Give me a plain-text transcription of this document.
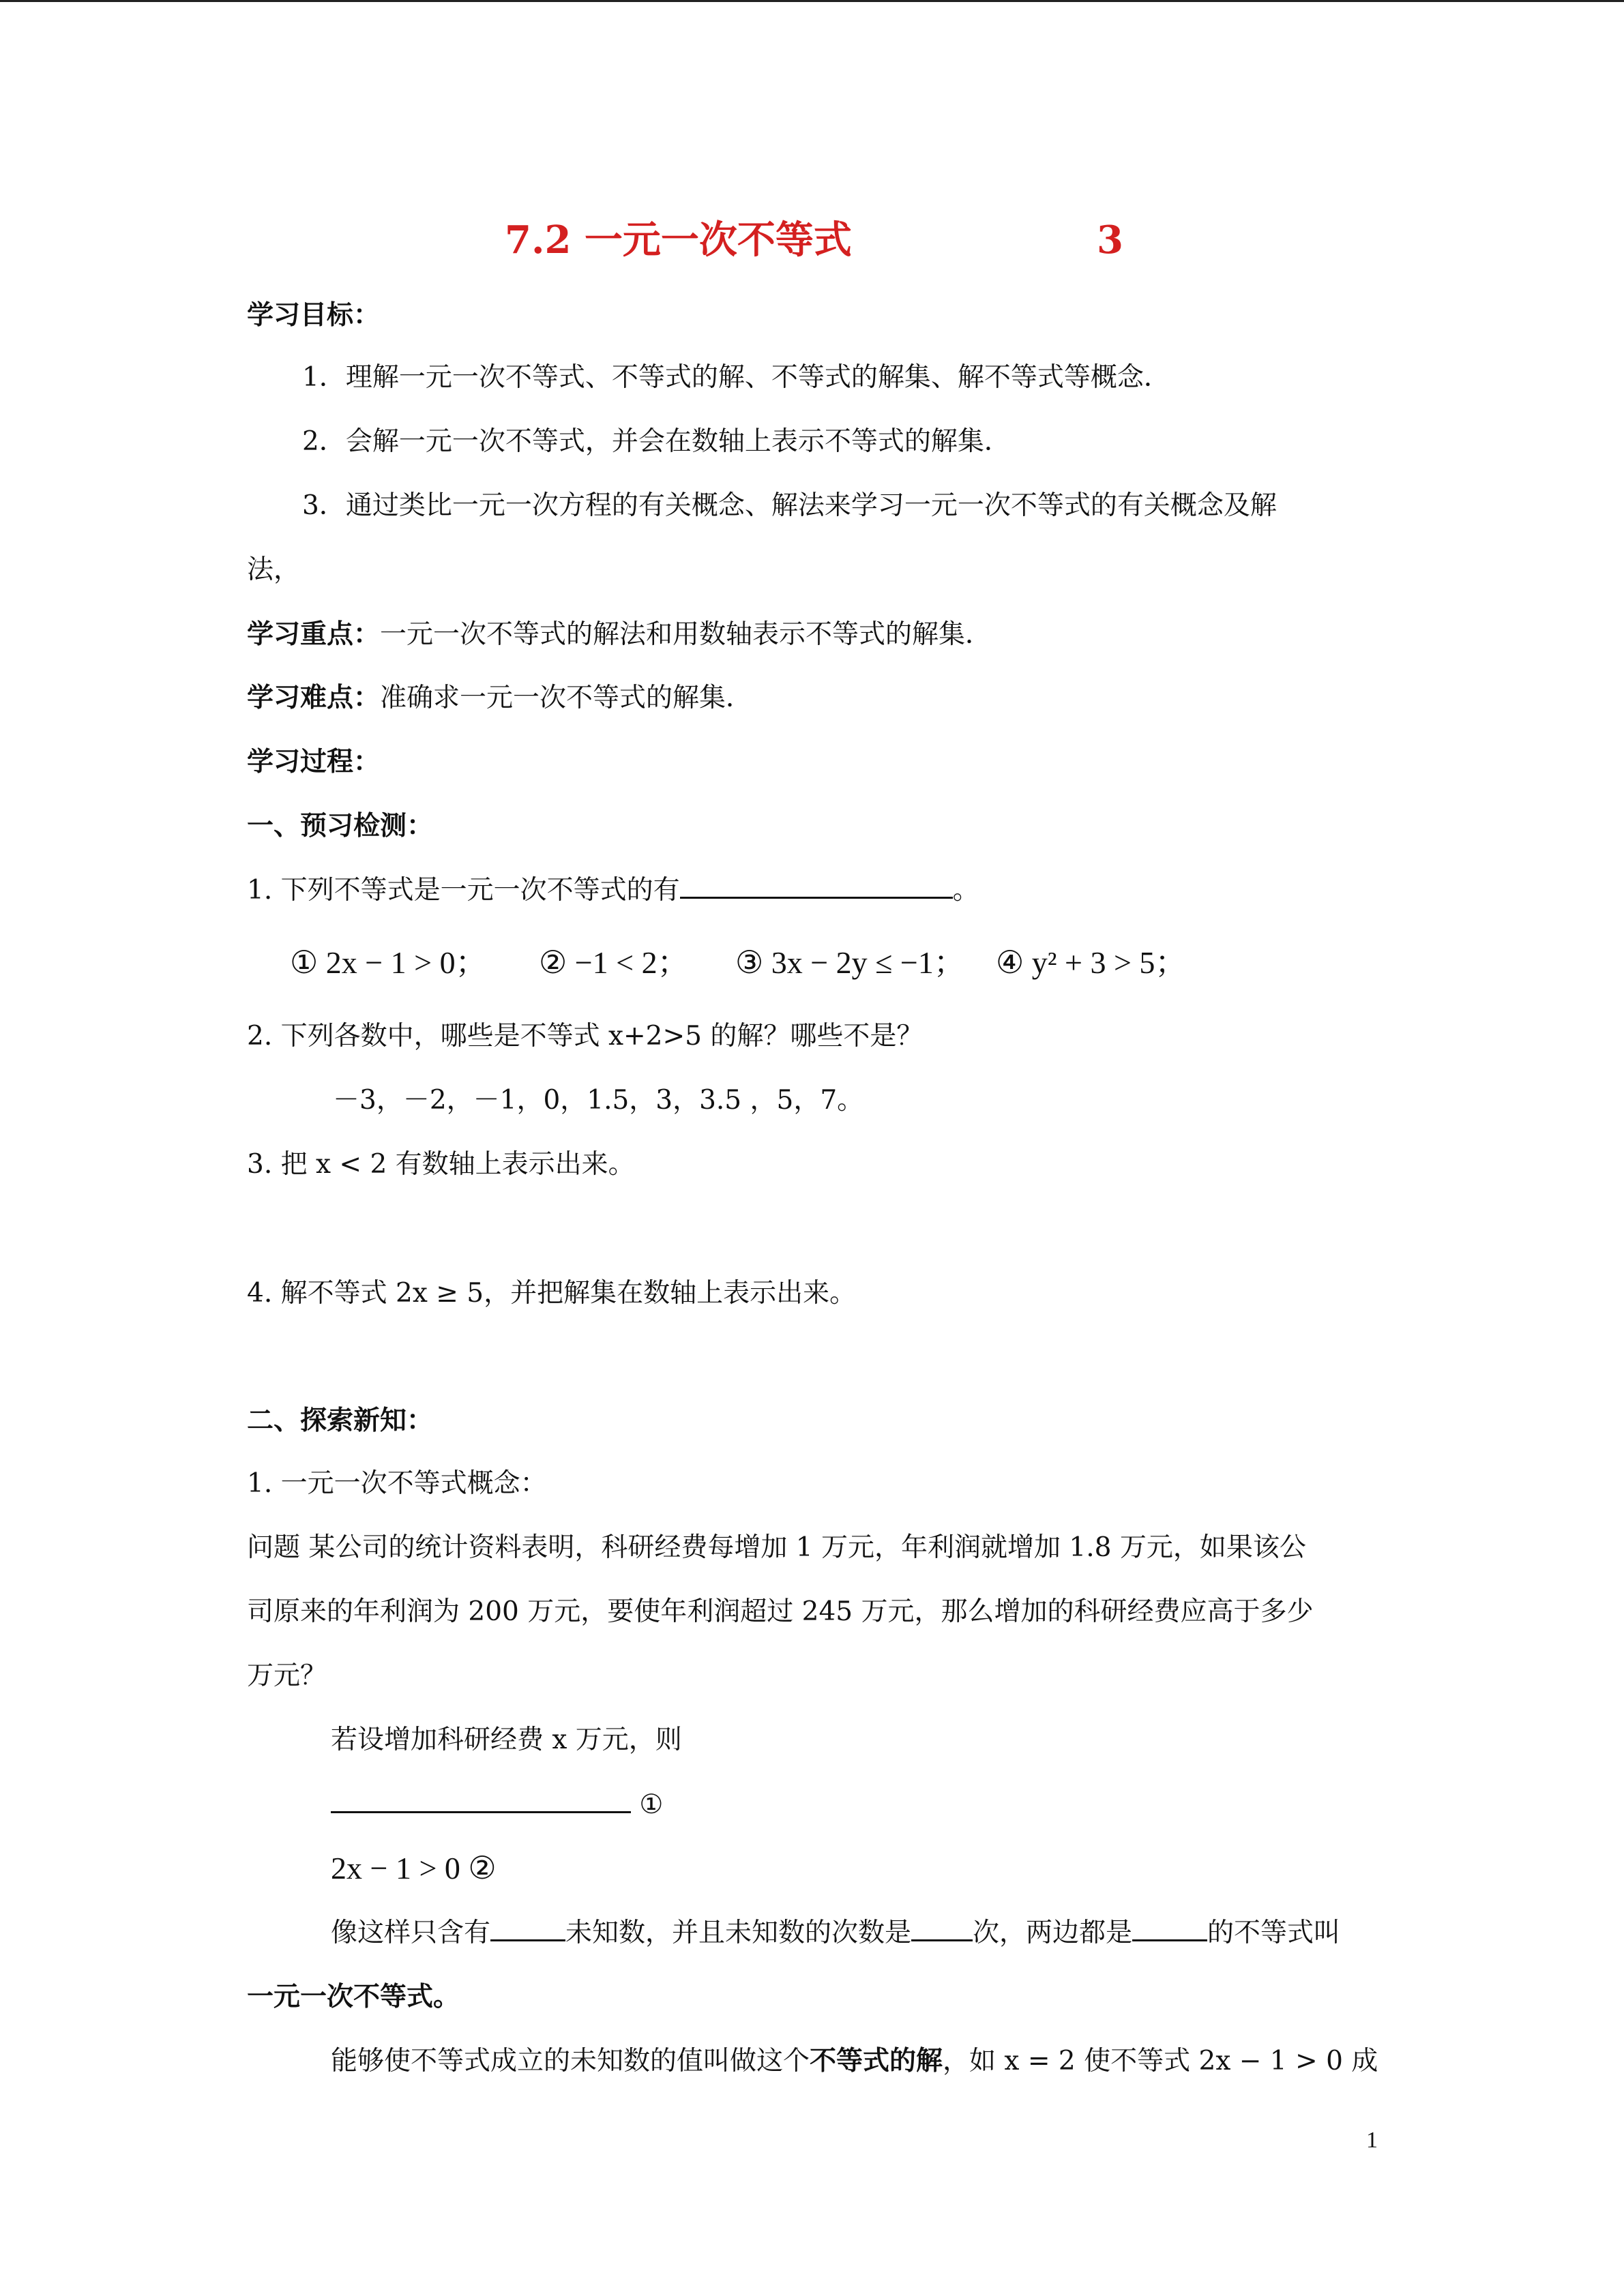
7.2 一元一次不等式	3
学习目标：
1．理解一元一次不等式、不等式的解、不等式的解集、解不等式等概念．
2．会解一元一次不等式，并会在数轴上表示不等式的解集．
3．通过类比一元一次方程的有关概念、解法来学习一元一次不等式的有关概念及解
法，
学习重点：一元一次不等式的解法和用数轴表示不等式的解集．
学习难点：准确求一元一次不等式的解集．
学习过程：
一、预习检测：
1. 下列不等式是一元一次不等式的有	。
① 2x − 1 > 0； ② −1 < 2； ③ 3x − 2y ≤ −1； ④ y² + 3 > 5；
2. 下列各数中，哪些是不等式 x+2>5 的解？哪些不是？
－3，－2，－1，0，1.5，3，3.5 ，5，7。
3. 把 x < 2 有数轴上表示出来。
4. 解不等式 2x ≥ 5，并把解集在数轴上表示出来。
二、探索新知：
1. 一元一次不等式概念：
问题 某公司的统计资料表明，科研经费每增加 1 万元，年利润就增加 1.8 万元，如果该公
司原来的年利润为 200 万元，要使年利润超过 245 万元，那么增加的科研经费应高于多少
万元？
若设增加科研经费 x 万元，则
①
2x − 1 > 0 ②
像这样只含有	未知数，并且未知数的次数是 次，两边都是	的不等式叫
一元一次不等式。
能够使不等式成立的未知数的值叫做这个不等式的解，如 x = 2 使不等式 2x − 1 > 0 成
1
